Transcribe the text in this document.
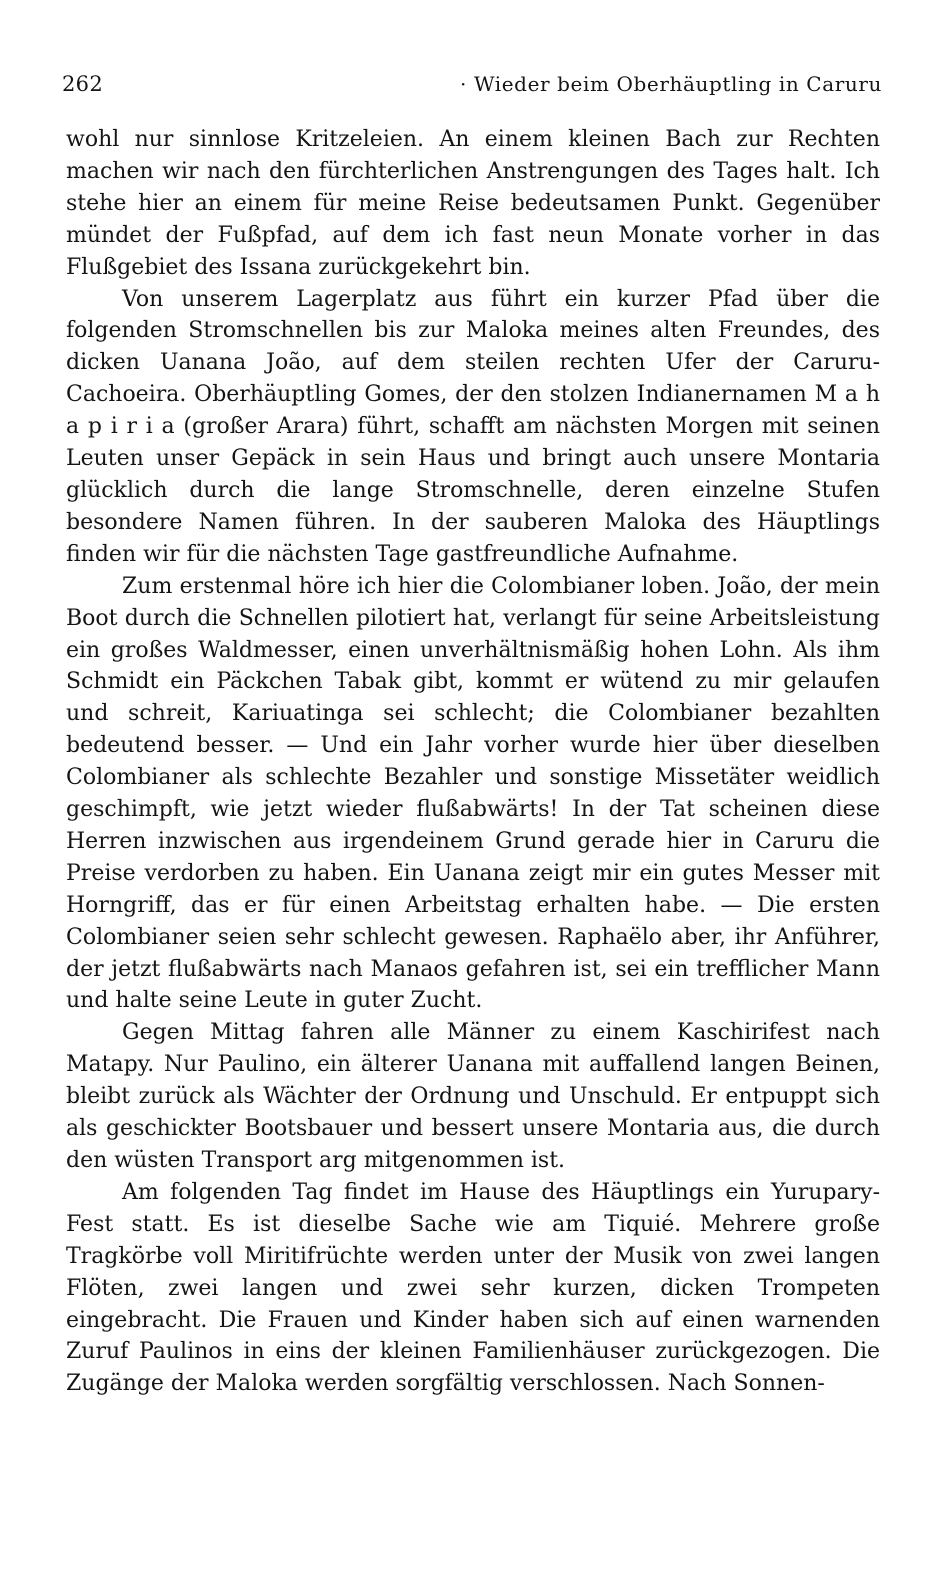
262	· Wieder beim Oberhäuptling in Caruru

wohl nur sinnlose Kritzeleien. An einem kleinen Bach zur Rechten machen wir nach den fürchterlichen Anstrengungen des Tages halt. Ich stehe hier an einem für meine Reise bedeutsamen Punkt. Gegenüber mündet der Fußpfad, auf dem ich fast neun Monate vorher in das Flußgebiet des Issana zurückgekehrt bin.

Von unserem Lagerplatz aus führt ein kurzer Pfad über die folgenden Stromschnellen bis zur Maloka meines alten Freundes, des dicken Uanana João, auf dem steilen rechten Ufer der Caruru-Cachoeira. Oberhäuptling Gomes, der den stolzen Indianernamen M a h a p i r i a (großer Arara) führt, schafft am nächsten Morgen mit seinen Leuten unser Gepäck in sein Haus und bringt auch unsere Montaria glücklich durch die lange Stromschnelle, deren einzelne Stufen besondere Namen führen. In der sauberen Maloka des Häuptlings finden wir für die nächsten Tage gastfreundliche Aufnahme.

Zum erstenmal höre ich hier die Colombianer loben. João, der mein Boot durch die Schnellen pilotiert hat, verlangt für seine Arbeitsleistung ein großes Waldmesser, einen unverhältnismäßig hohen Lohn. Als ihm Schmidt ein Päckchen Tabak gibt, kommt er wütend zu mir gelaufen und schreit, Kariuatinga sei schlecht; die Colombianer bezahlten bedeutend besser. — Und ein Jahr vorher wurde hier über dieselben Colombianer als schlechte Bezahler und sonstige Missetäter weidlich geschimpft, wie jetzt wieder flußabwärts! In der Tat scheinen diese Herren inzwischen aus irgendeinem Grund gerade hier in Caruru die Preise verdorben zu haben. Ein Uanana zeigt mir ein gutes Messer mit Horngriff, das er für einen Arbeitstag erhalten habe. — Die ersten Colombianer seien sehr schlecht gewesen. Raphaëlo aber, ihr Anführer, der jetzt flußabwärts nach Manaos gefahren ist, sei ein trefflicher Mann und halte seine Leute in guter Zucht.

Gegen Mittag fahren alle Männer zu einem Kaschirifest nach Matapy. Nur Paulino, ein älterer Uanana mit auffallend langen Beinen, bleibt zurück als Wächter der Ordnung und Unschuld. Er entpuppt sich als geschickter Bootsbauer und bessert unsere Montaria aus, die durch den wüsten Transport arg mitgenommen ist.

Am folgenden Tag findet im Hause des Häuptlings ein Yurupary-Fest statt. Es ist dieselbe Sache wie am Tiquié. Mehrere große Tragkörbe voll Miritifrüchte werden unter der Musik von zwei langen Flöten, zwei langen und zwei sehr kurzen, dicken Trompeten eingebracht. Die Frauen und Kinder haben sich auf einen warnenden Zuruf Paulinos in eins der kleinen Familienhäuser zurückgezogen. Die Zugänge der Maloka werden sorgfältig verschlossen. Nach Sonnen-
